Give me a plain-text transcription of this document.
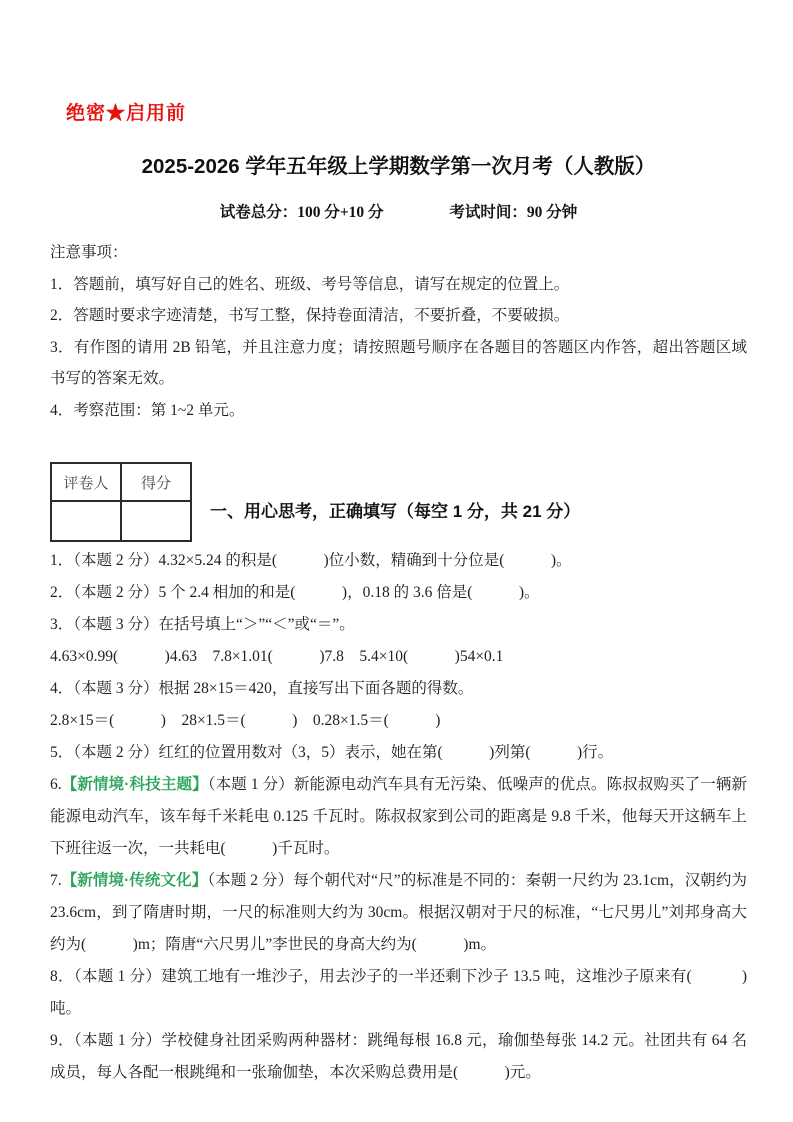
绝密★启用前
2025-2026 学年五年级上学期数学第一次月考（人教版）
试卷总分：100 分+10 分	考试时间：90 分钟

注意事项：

1．答题前，填写好自己的姓名、班级、考号等信息，请写在规定的位置上。

2．答题时要求字迹清楚，书写工整，保持卷面清洁，不要折叠，不要破损。

3．有作图的请用 2B 铅笔，并且注意力度；请按照题号顺序在各题目的答题区内作答，超出答题区域书写的答案无效。

4．考察范围：第 1~2 单元。

评卷人	得分

一、用心思考，正确填写（每空 1 分，共 21 分）

1．（本题 2 分）4.32×5.24 的积是(            )位小数，精确到十分位是(            )。

2．（本题 2 分）5 个 2.4 相加的和是(            )，0.18 的 3.6 倍是(            )。

3．（本题 3 分）在括号填上“＞”“＜”或“＝”。

4.63×0.99(            )4.63    7.8×1.01(            )7.8    5.4×10(            )54×0.1

4．（本题 3 分）根据 28×15＝420，直接写出下面各题的得数。

2.8×15＝(            )    28×1.5＝(            )    0.28×1.5＝(            )

5．（本题 2 分）红红的位置用数对（3，5）表示，她在第(            )列第(            )行。

6.【新情境·科技主题】（本题 1 分）新能源电动汽车具有无污染、低噪声的优点。陈叔叔购买了一辆新能源电动汽车，该车每千米耗电 0.125 千瓦时。陈叔叔家到公司的距离是 9.8 千米，他每天开这辆车上下班往返一次，一共耗电(            )千瓦时。

7.【新情境·传统文化】（本题 2 分）每个朝代对“尺”的标准是不同的：秦朝一尺约为 23.1cm，汉朝约为 23.6cm，到了隋唐时期，一尺的标准则大约为 30cm。根据汉朝对于尺的标准，“七尺男儿”刘邦身高大约为(            )m；隋唐“六尺男儿”李世民的身高大约为(            )m。

8．（本题 1 分）建筑工地有一堆沙子，用去沙子的一半还剩下沙子 13.5 吨，这堆沙子原来有(            )吨。

9．（本题 1 分）学校健身社团采购两种器材：跳绳每根 16.8 元，瑜伽垫每张 14.2 元。社团共有 64 名成员，每人各配一根跳绳和一张瑜伽垫，本次采购总费用是(            )元。
